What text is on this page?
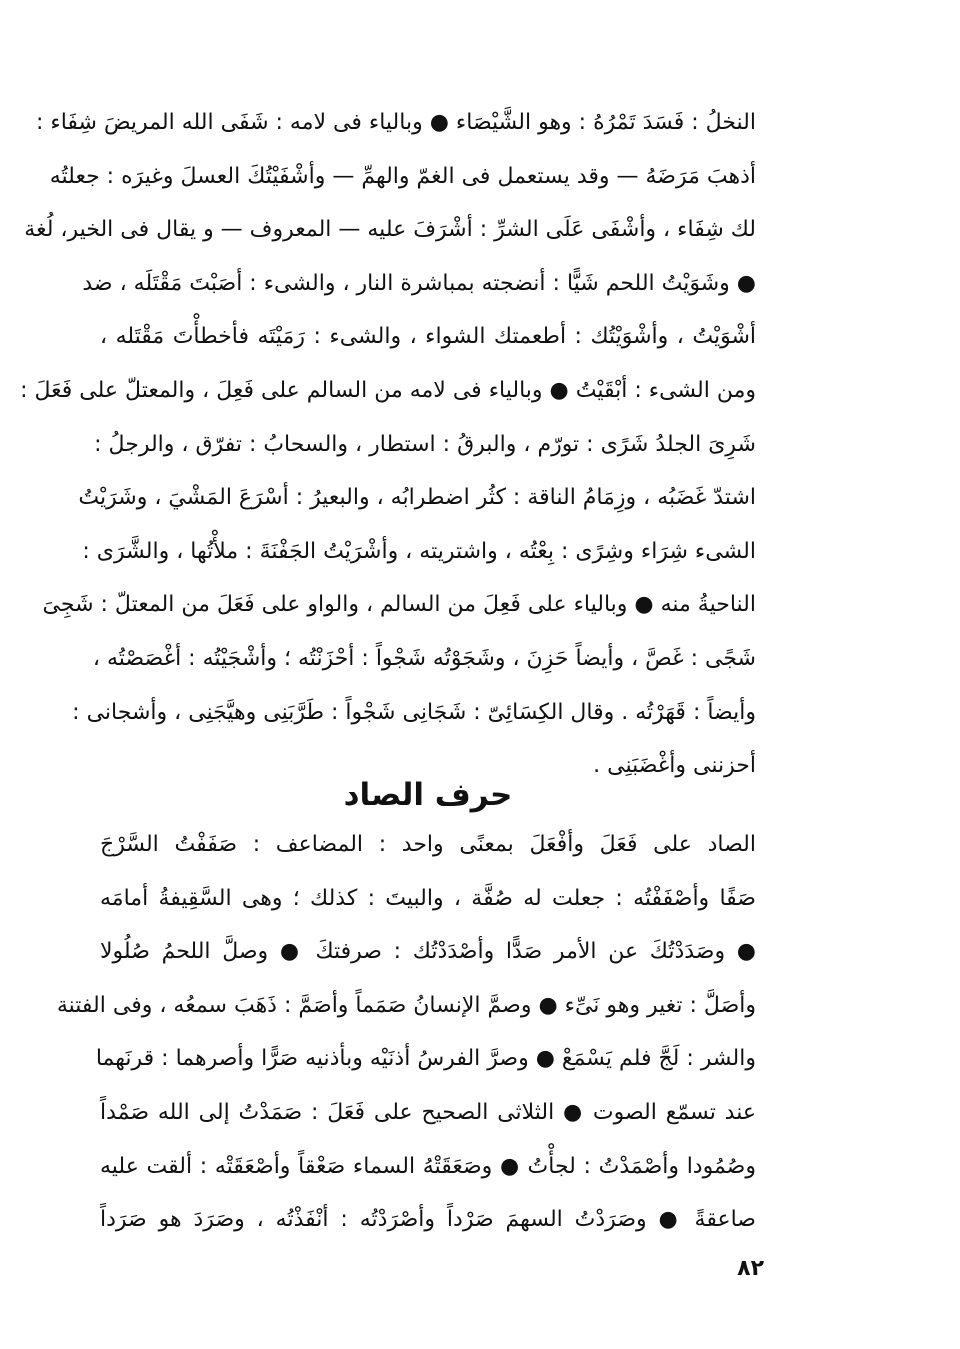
النخلُ : فَسَدَ تَمْرُهُ : وهو الشَّيْصَاء ● وبالياء فى لامه : شَفَى الله المريضَ شِفَاء :
أذهبَ مَرَضَهُ — وقد يستعمل فى الغمّ والهمِّ — وأشْفَيْتُكَ العسلَ وغيرَه : جعلتُه
لك شِفَاء ، وأشْفَى عَلَى الشرِّ : أشْرَفَ عليه — المعروف — و يقال فى الخير، لُغة
● وشَوَيْتُ اللحم شَيًّا : أنضجته بمباشرة النار ، والشىء : أصَبْتَ مَقْتَلَه ، ضد
أشْوَيْتُ ، وأشْوَيْتُك : أطعمتك الشواء ، والشىء : رَمَيْتَه فأخطأْتَ مَقْتَله ،
ومن الشىء : أبْقَيْتُ ● وبالياء فى لامه من السالم على فَعِلَ ، والمعتلّ على فَعَلَ :
شَرِىَ الجلدُ شَرًى : تورّم ، والبرقُ : استطار ، والسحابُ : تفرّق ، والرجلُ :
اشتدّ غَضَبُه ، وزِمَامُ الناقة : كثُر اضطرابُه ، والبعيرُ : أسْرَعَ المَشْيَ ، وشَرَيْتُ
الشىء شِرَاء وشِرًى : بِعْتُه ، واشتريته ، وأشْرَيْتُ الجَفْنَةَ : ملأْتُها ، والشَّرَى :
الناحيةُ منه ● وبالياء على فَعِلَ من السالم ، والواو على فَعَلَ من المعتلّ : شَجِىَ
شَجًى : غَصَّ ، وأيضاً حَزِنَ ، وشَجَوْتُه شَجْواً : أحْزَنْتُه ؛ وأشْجَيْتُه : أغْصَصْتُه ،
وأيضاً : قَهَرْتُه . وقال الكِسَائِىّ : شَجَانِى شَجْواً : طَرَّبَنِى وهيَّجَنِى ، وأشجانى :
أحزننى وأغْضَبَنِى .
حرف الصاد
الصاد على فَعَلَ وأفْعَلَ بمعنًى واحد : المضاعف : صَفَفْتُ السَّرْجَ
صَفًا وأصْفَفْتُه : جعلت له صُفَّة ، والبيتَ : كذلك ؛ وهى السَّقِيفةُ أمامَه
● وصَدَدْتُكَ عن الأمر صَدًّا وأصْدَدْتُك : صرفتكَ ● وصلَّ اللحمُ صُلُولا
وأصَلَّ : تغير وهو نَىِّء ● وصمَّ الإنسانُ صَمَماً وأصَمَّ : ذَهَبَ سمعُه ، وفى الفتنة
والشر : لَجَّ فلم يَسْمَعْ ● وصرَّ الفرسُ أذنَيْه وبأذنيه صَرًّا وأصرهما : قرنَهما
عند تسمّع الصوت ● الثلاثى الصحيح على فَعَلَ : صَمَدْتُ إلى الله صَمْداً
وصُمُودا وأصْمَدْتُ : لجأْتُ ● وصَعَقَتْهُ السماء صَعْقاً وأصْعَقَتْه : ألقت عليه
صاعقةً ● وصَرَدْتُ السهمَ صَرْداً وأصْرَدْتُه : أنْفَذْتُه ، وصَرَدَ هو صَرَداً
٨٢
